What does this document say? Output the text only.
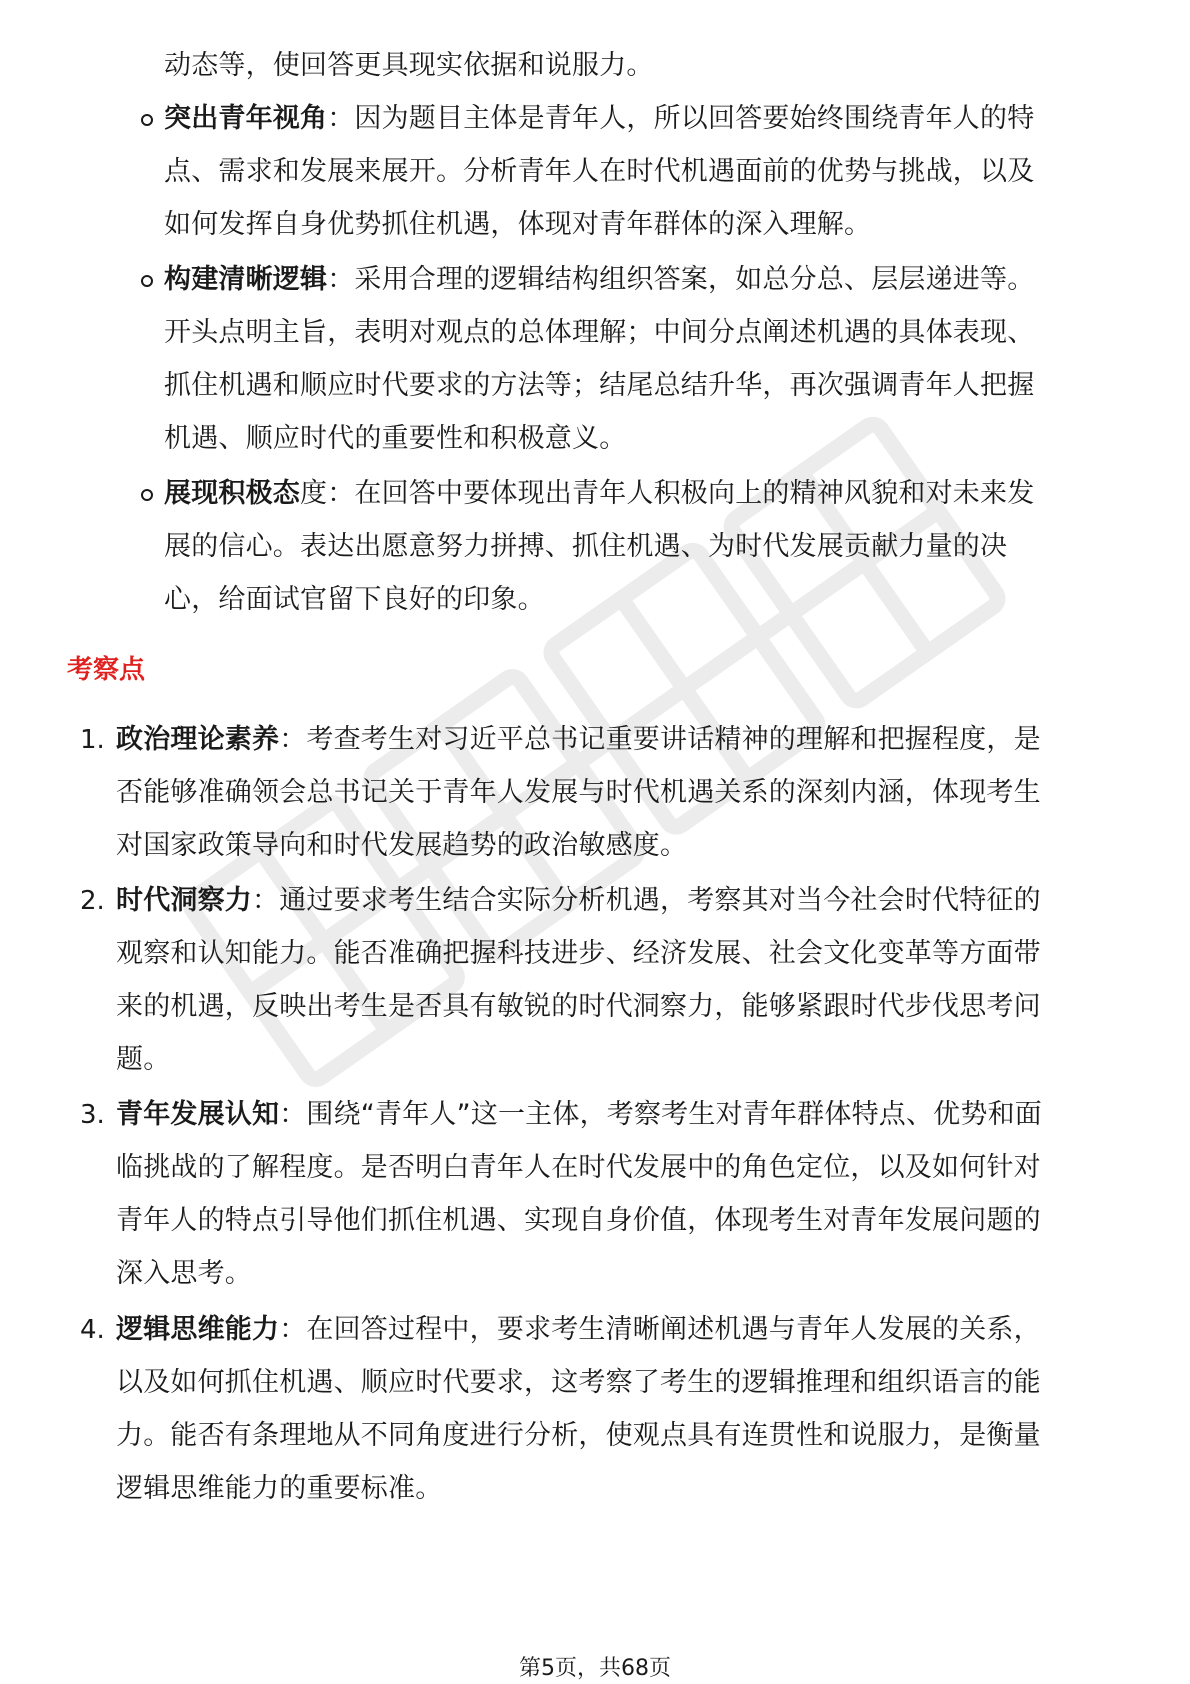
动态等，使回答更具现实依据和说服力。
突出青年视角：因为题目主体是青年人，所以回答要始终围绕青年人的特
点、需求和发展来展开。分析青年人在时代机遇面前的优势与挑战，以及
如何发挥自身优势抓住机遇，体现对青年群体的深入理解。
构建清晰逻辑：采用合理的逻辑结构组织答案，如总分总、层层递进等。
开头点明主旨，表明对观点的总体理解；中间分点阐述机遇的具体表现、
抓住机遇和顺应时代要求的方法等；结尾总结升华，再次强调青年人把握
机遇、顺应时代的重要性和积极意义。
展现积极态度：在回答中要体现出青年人积极向上的精神风貌和对未来发
展的信心。表达出愿意努力拼搏、抓住机遇、为时代发展贡献力量的决
心，给面试官留下良好的印象。
考察点
1. 政治理论素养：考查考生对习近平总书记重要讲话精神的理解和把握程度，是
否能够准确领会总书记关于青年人发展与时代机遇关系的深刻内涵，体现考生
对国家政策导向和时代发展趋势的政治敏感度。
2. 时代洞察力：通过要求考生结合实际分析机遇，考察其对当今社会时代特征的
观察和认知能力。能否准确把握科技进步、经济发展、社会文化变革等方面带
来的机遇，反映出考生是否具有敏锐的时代洞察力，能够紧跟时代步伐思考问
题。
3. 青年发展认知：围绕“青年人”这一主体，考察考生对青年群体特点、优势和面
临挑战的了解程度。是否明白青年人在时代发展中的角色定位，以及如何针对
青年人的特点引导他们抓住机遇、实现自身价值，体现考生对青年发展问题的
深入思考。
4. 逻辑思维能力：在回答过程中，要求考生清晰阐述机遇与青年人发展的关系，
以及如何抓住机遇、顺应时代要求，这考察了考生的逻辑推理和组织语言的能
力。能否有条理地从不同角度进行分析，使观点具有连贯性和说服力，是衡量
逻辑思维能力的重要标准。
第5页，共68页
